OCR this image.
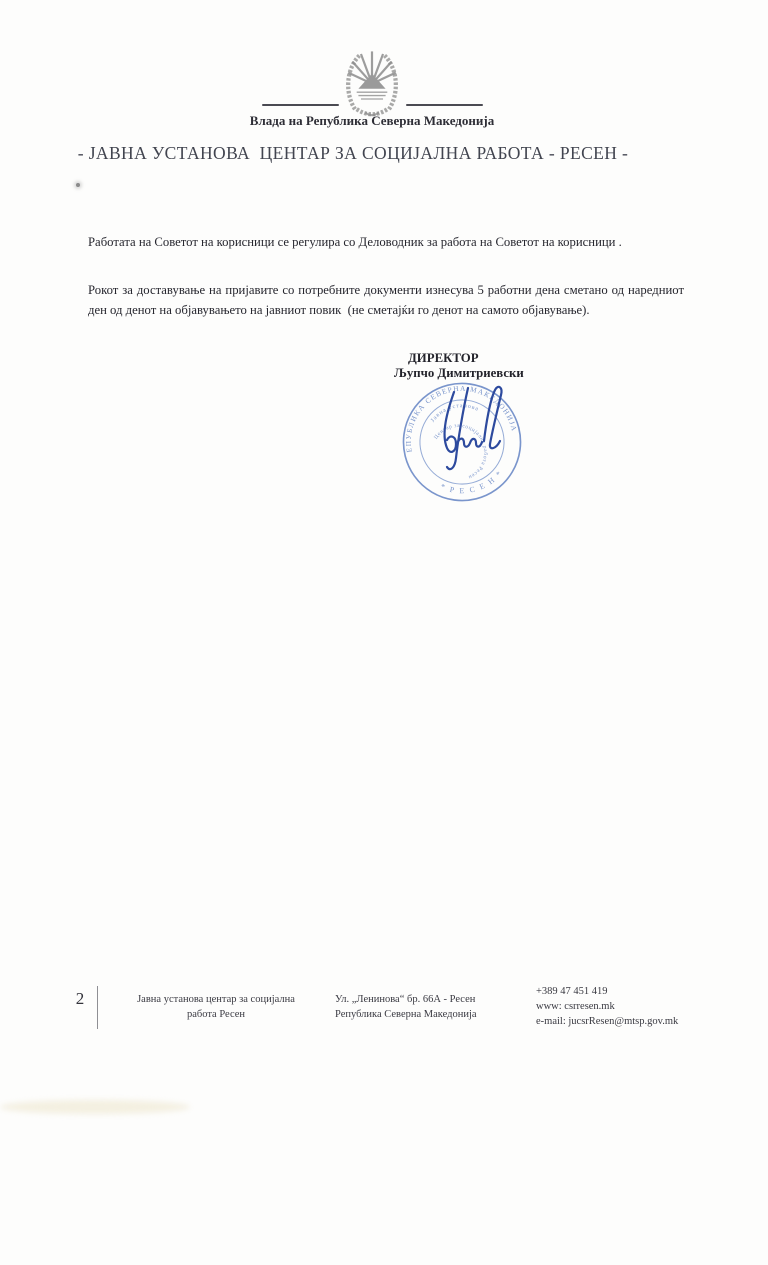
Влада на Република Северна Македонија
- ЈАВНА УСТАНОВА  ЦЕНТАР ЗА СОЦИЈАЛНА РАБОТА - РЕСЕН -

Работата на Советот на корисници се регулира со Деловодник за работа на Советот на корисници .

Рокот за доставување на пријавите со потребните документи изнесува 5 работни дена сметано од наредниот ден од денот на објавувањето на јавниот повик  (не сметајќи го денот на самото објавување).

ДИРЕКТОР
Љупчо Димитриевски
РЕПУБЛИКА СЕВЕРНА МАКЕДОНИЈА
* Р Е С Е Н *
Јавна установа
Центар за социјална работа Ресен
2	Јавна установа центар за социјална работа Ресен
Ул. „Ленинова“ бр. 66А - Ресен
Република Северна Македонија
+389 47 451 419
www: csrresen.mk
e-mail: jucsrResen@mtsp.gov.mk
